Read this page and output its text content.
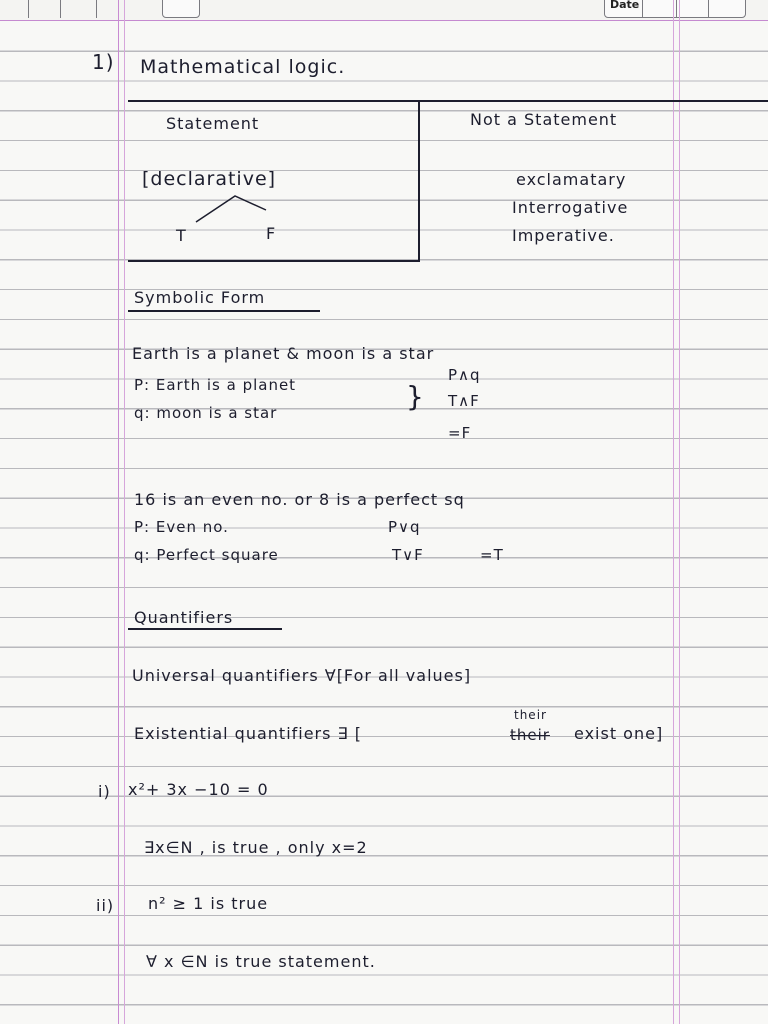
Date
1) Mathematical logic.
Statement	Not a Statement
[declarative]
T	F
exclamatary
Interrogative
Imperative.
Symbolic Form
Earth is a planet & moon is a star
P: Earth is a planet
q: moon is a star	}
P∧q
T∧F
=F
16 is an even no. or 8 is a perfect sq
P: Even no.
q: Perfect square
P∨q
T∨F	=T
Quantifiers
Universal quantifiers ∀[For all values]
Existential quantifiers ∃ [	their
their
exist one]
i) x²+ 3x −10 = 0
∃x∈N , is true , only x=2
ii) n² ≥ 1 is true
∀ x ∈N is true statement.
